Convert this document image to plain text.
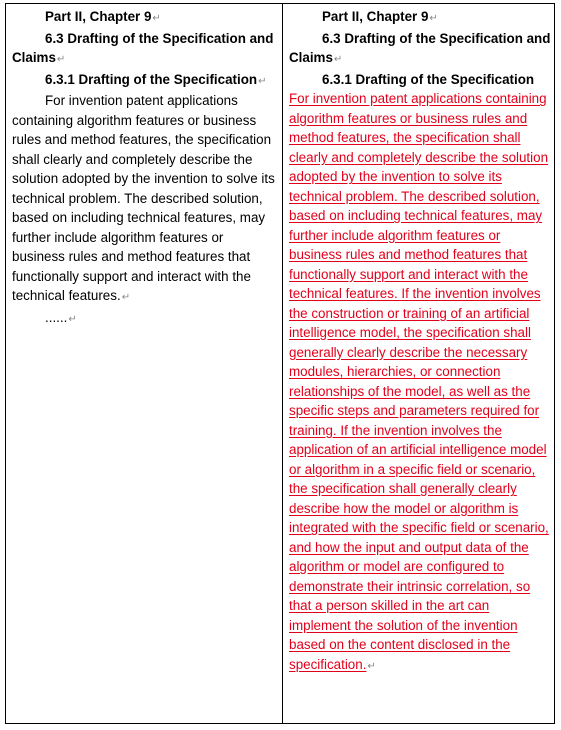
Part II, Chapter 9↵

6.3 Drafting of the Specification and Claims↵

6.3.1 Drafting of the Specification↵

For invention patent applications containing algorithm features or business rules and method features, the specification shall clearly and completely describe the solution adopted by the invention to solve its technical problem. The described solution, based on including technical features, may further include algorithm features or business rules and method features that functionally support and interact with the technical features.↵

......↵

Part II, Chapter 9↵

6.3 Drafting of the Specification and Claims↵

6.3.1 Drafting of the Specification

For invention patent applications containing algorithm features or business rules and method features, the specification shall clearly and completely describe the solution adopted by the invention to solve its technical problem. The described solution, based on including technical features, may further include algorithm features or business rules and method features that functionally support and interact with the technical features. If the invention involves the construction or training of an artificial intelligence model, the specification shall generally clearly describe the necessary modules, hierarchies, or connection relationships of the model, as well as the specific steps and parameters required for training. If the invention involves the application of an artificial intelligence model or algorithm in a specific field or scenario, the specification shall generally clearly describe how the model or algorithm is integrated with the specific field or scenario, and how the input and output data of the algorithm or model are configured to demonstrate their intrinsic correlation, so that a person skilled in the art can implement the solution of the invention based on the content disclosed in the specification.↵
